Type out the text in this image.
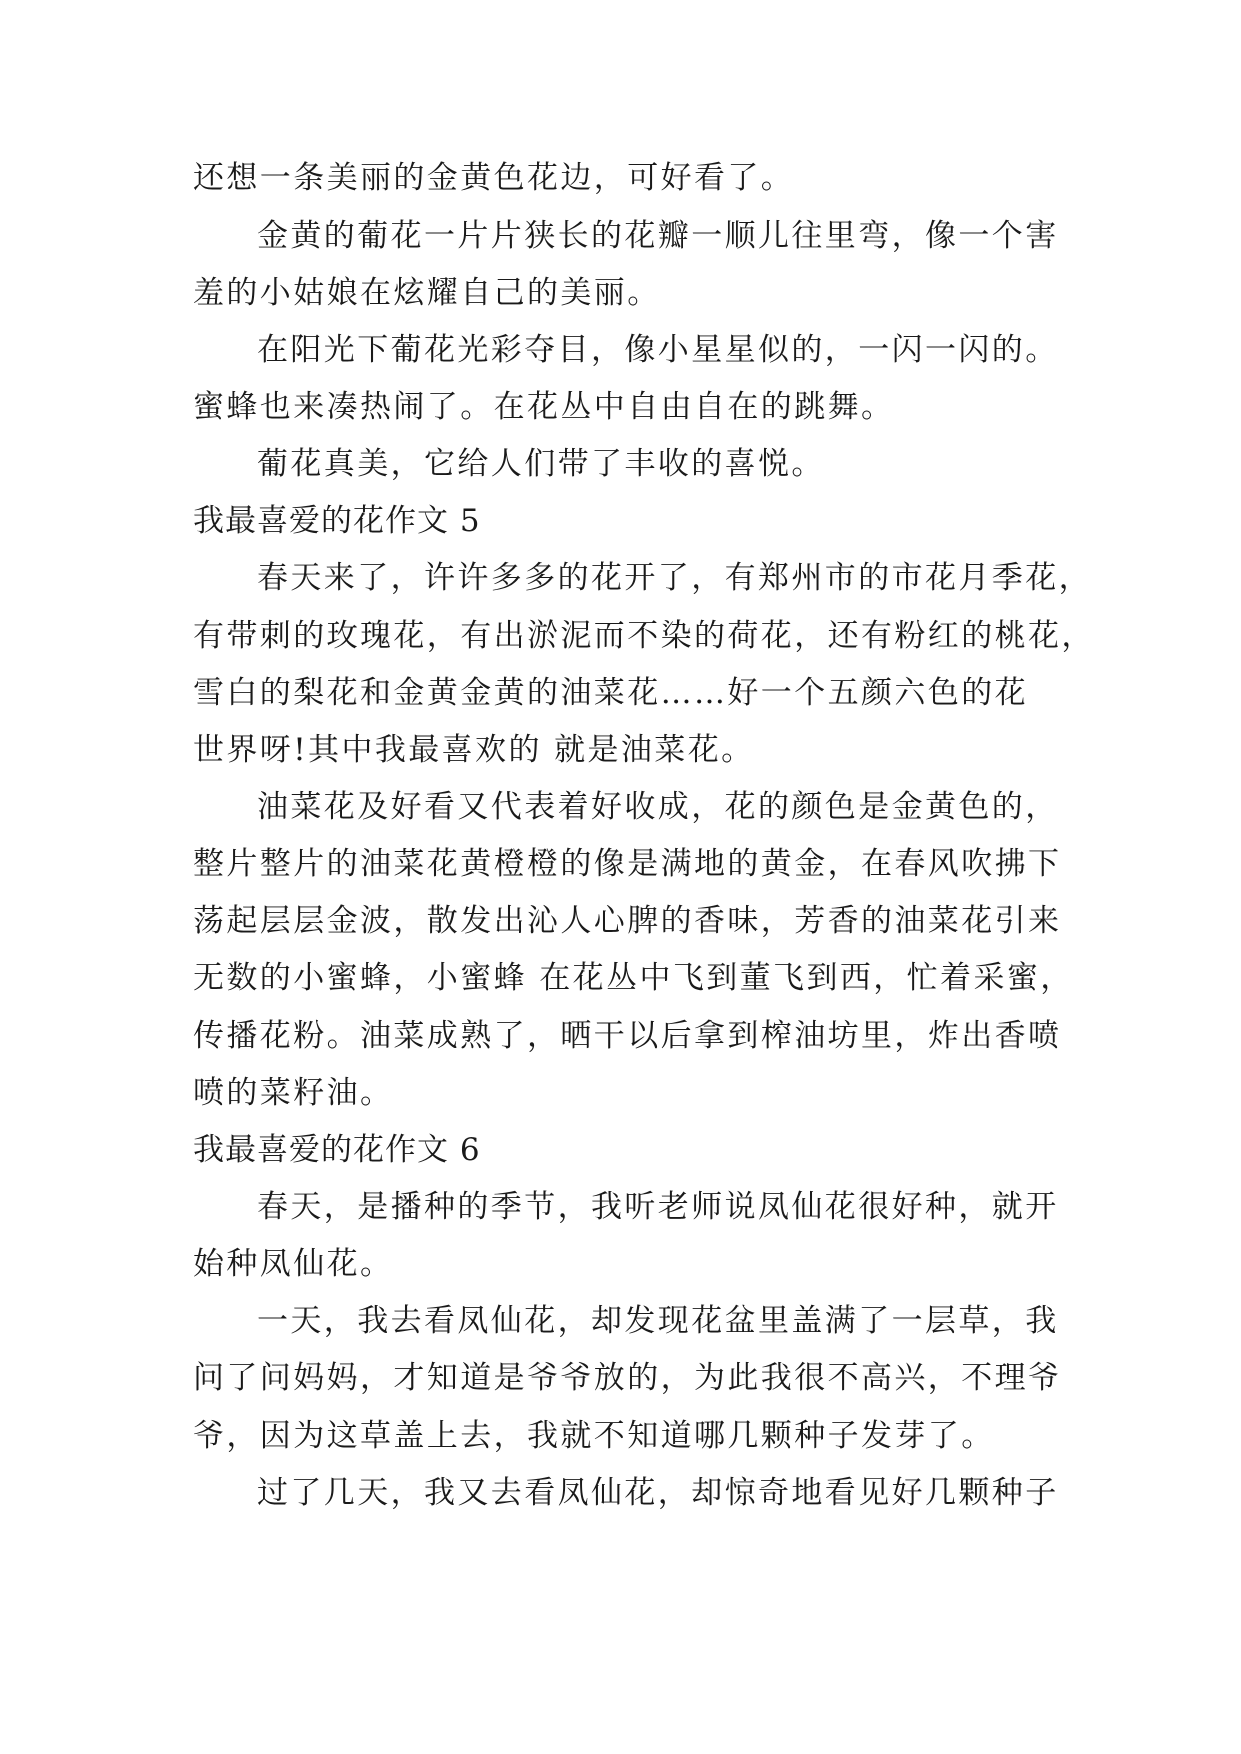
还想一条美丽的金黄色花边，可好看了。
金黄的葡花一片片狭长的花瓣一顺儿往里弯，像一个害
羞的小姑娘在炫耀自己的美丽。
在阳光下葡花光彩夺目，像小星星似的，一闪一闪的。
蜜蜂也来凑热闹了。在花丛中自由自在的跳舞。
葡花真美，它给人们带了丰收的喜悦。
我最喜爱的花作文 5
春天来了，许许多多的花开了，有郑州市的市花月季花，
有带刺的玫瑰花，有出淤泥而不染的荷花，还有粉红的桃花，
雪白的梨花和金黄金黄的油菜花……好一个五颜六色的花
世界呀!其中我最喜欢的 就是油菜花。
油菜花及好看又代表着好收成，花的颜色是金黄色的，
整片整片的油菜花黄橙橙的像是满地的黄金，在春风吹拂下
荡起层层金波，散发出沁人心脾的香味，芳香的油菜花引来
无数的小蜜蜂，小蜜蜂 在花丛中飞到董飞到西，忙着采蜜，
传播花粉。油菜成熟了，晒干以后拿到榨油坊里，炸出香喷
喷的菜籽油。
我最喜爱的花作文 6
春天，是播种的季节，我听老师说凤仙花很好种，就开
始种凤仙花。
一天，我去看凤仙花，却发现花盆里盖满了一层草，我
问了问妈妈，才知道是爷爷放的，为此我很不高兴，不理爷
爷，因为这草盖上去，我就不知道哪几颗种子发芽了。
过了几天，我又去看凤仙花，却惊奇地看见好几颗种子
